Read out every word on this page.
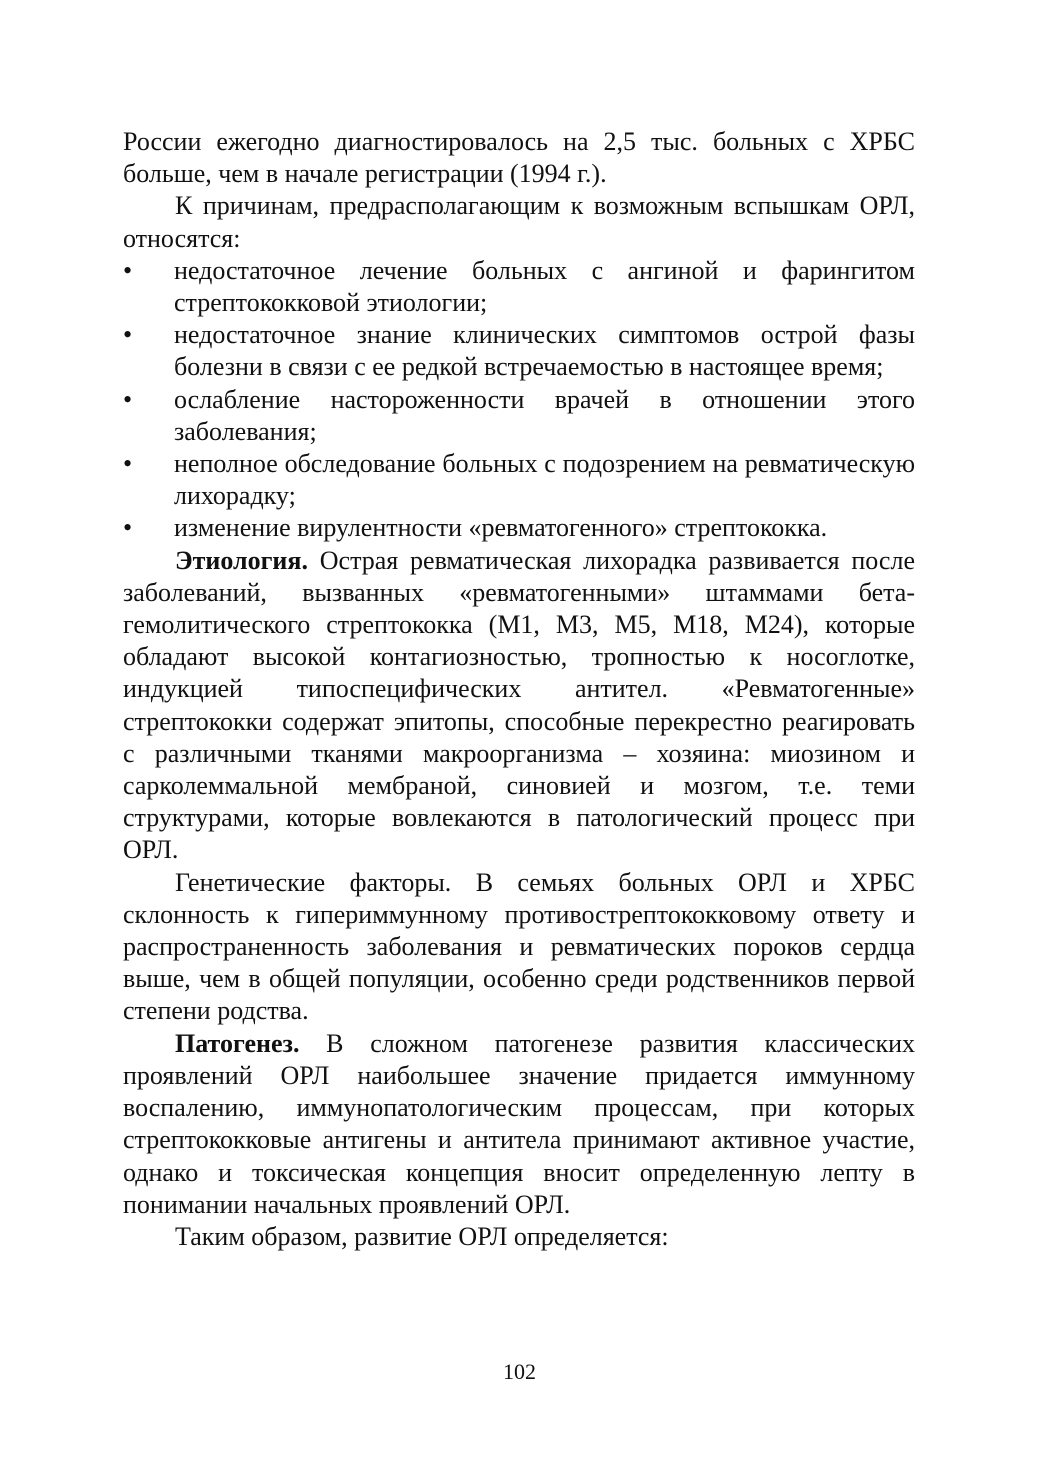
России ежегодно диагностировалось на 2,5 тыс. больных с ХРБС больше, чем в начале регистрации (1994 г.).

К причинам, предрасполагающим к возможным вспышкам ОРЛ, относятся:

• недостаточное лечение больных с ангиной и фарингитом стрептококковой этиологии;
• недостаточное знание клинических симптомов острой фазы болезни в связи с ее редкой встречаемостью в настоящее время;
• ослабление настороженности врачей в отношении этого заболевания;
• неполное обследование больных с подозрением на ревматическую лихорадку;
• изменение вирулентности «ревматогенного» стрептококка.

Этиология. Острая ревматическая лихорадка развивается после заболеваний, вызванных «ревматогенными» штаммами бета-гемолитического стрептококка (М1, М3, М5, М18, М24), которые обладают высокой контагиозностью, тропностью к носоглотке, индукцией типоспецифических антител. «Ревматогенные» стрептококки содержат эпитопы, способные перекрестно реагировать с различными тканями макроорганизма – хозяина: миозином и сарколеммальной мембраной, синовией и мозгом, т.е. теми структурами, которые вовлекаются в патологический процесс при ОРЛ.

Генетические факторы. В семьях больных ОРЛ и ХРБС склонность к гипериммунному противострептококковому ответу и распространенность заболевания и ревматических пороков сердца выше, чем в общей популяции, особенно среди родственников первой степени родства.

Патогенез. В сложном патогенезе развития классических проявлений ОРЛ наибольшее значение придается иммунному воспалению, иммунопатологическим процессам, при которых стрептококковые антигены и антитела принимают активное участие, однако и токсическая концепция вносит определенную лепту в понимании начальных проявлений ОРЛ.

Таким образом, развитие ОРЛ определяется:

102
